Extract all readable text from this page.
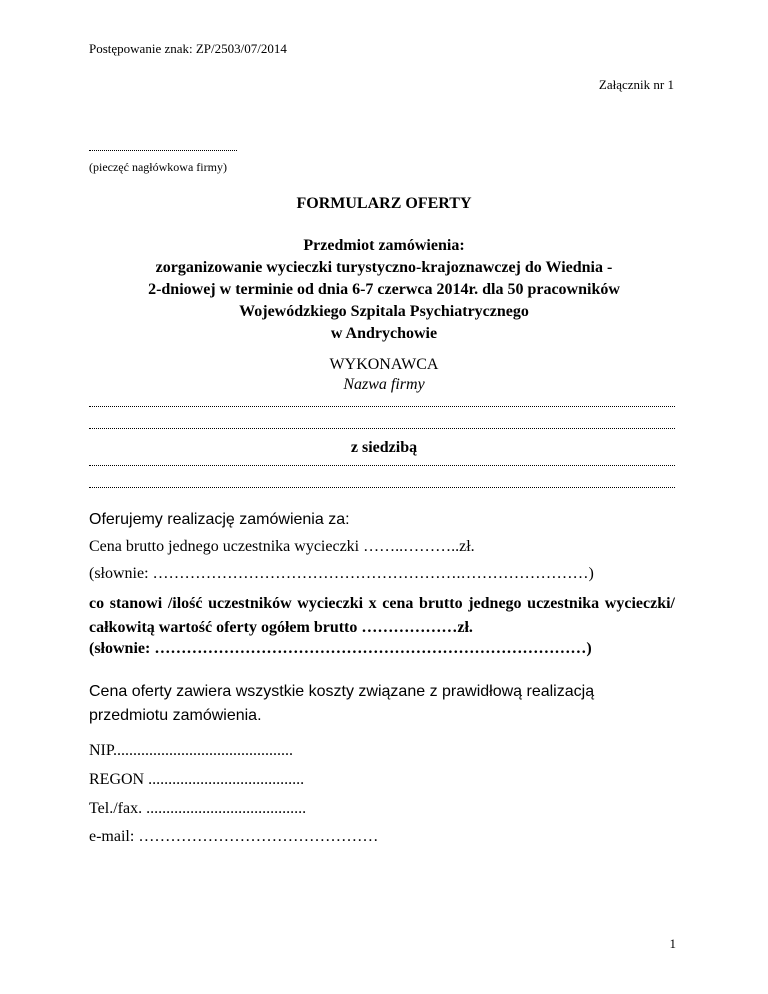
Postępowanie znak: ZP/2503/07/2014
Załącznik nr 1
(pieczęć nagłówkowa firmy)
FORMULARZ OFERTY
Przedmiot zamówienia:
zorganizowanie wycieczki turystyczno-krajoznawczej do Wiednia -
2-dniowej w terminie od dnia 6-7 czerwca 2014r. dla 50 pracowników
Wojewódzkiego Szpitala Psychiatrycznego
w Andrychowie
WYKONAWCA
Nazwa firmy
z siedzibą
Oferujemy realizację zamówienia za:
Cena brutto jednego uczestnika wycieczki ……..………..zł.
(słownie: ………………………………………………….……………………)
co stanowi /ilość uczestników wycieczki x cena brutto jednego uczestnika wycieczki/ całkowitą wartość oferty ogółem brutto ………………zł.
(słownie: ………………………………………………………………………)
Cena oferty zawiera wszystkie koszty związane z prawidłową realizacją
przedmiotu zamówienia.
NIP.............................................
REGON .......................................
Tel./fax. ........................................
e-mail: ………………………………………
1
